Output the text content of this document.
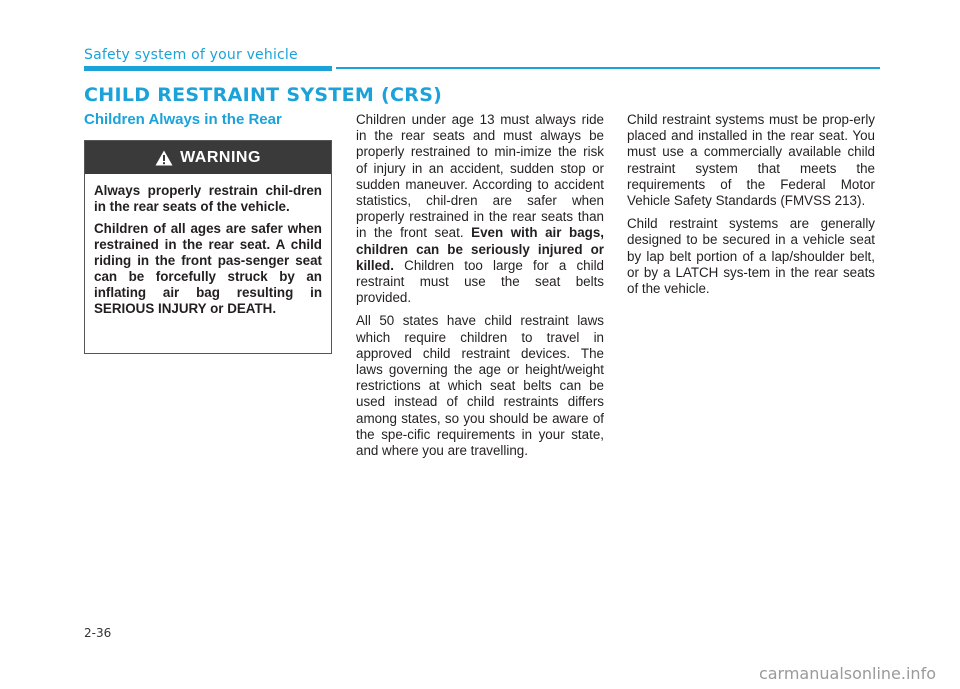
Safety system of your vehicle
CHILD RESTRAINT SYSTEM (CRS)
Children Always in the Rear
WARNING

Always properly restrain chil-dren in the rear seats of the vehicle.

Children of all ages are safer when restrained in the rear seat. A child riding in the front pas-senger seat can be forcefully struck by an inflating air bag resulting in SERIOUS INJURY or DEATH.

Children under age 13 must always ride in the rear seats and must always be properly restrained to min-imize the risk of injury in an accident, sudden stop or sudden maneuver. According to accident statistics, chil-dren are safer when properly restrained in the rear seats than in the front seat. Even with air bags, children can be seriously injured or killed. Children too large for a child restraint must use the seat belts provided.

All 50 states have child restraint laws which require children to travel in approved child restraint devices. The laws governing the age or height/weight restrictions at which seat belts can be used instead of child restraints differs among states, so you should be aware of the spe-cific requirements in your state, and where you are travelling.

Child restraint systems must be prop-erly placed and installed in the rear seat. You must use a commercially available child restraint system that meets the requirements of the Federal Motor Vehicle Safety Standards (FMVSS 213).

Child restraint systems are generally designed to be secured in a vehicle seat by lap belt portion of a lap/shoulder belt, or by a LATCH sys-tem in the rear seats of the vehicle.

2-36
carmanualsonline.info
